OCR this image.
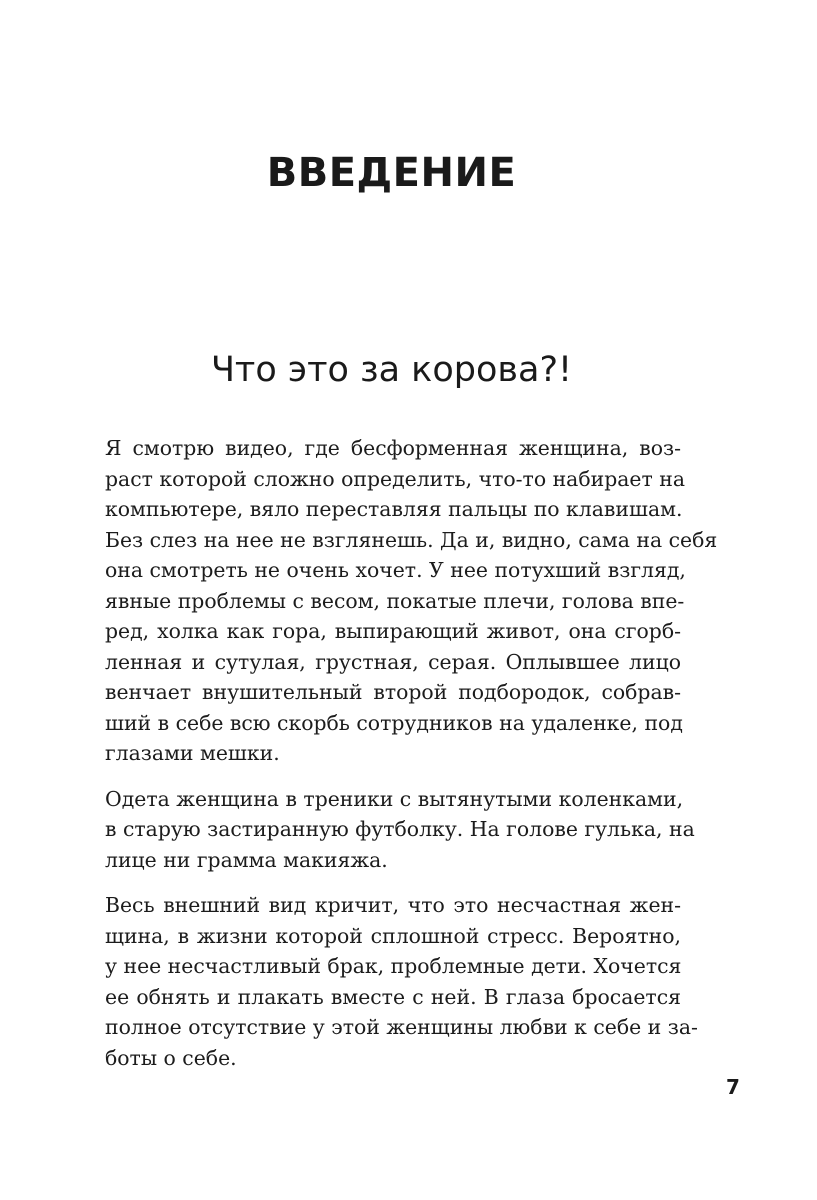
ВВЕДЕНИЕ
Что это за корова?!
Я смотрю видео, где бесформенная женщина, воз-
раст которой сложно определить, что-то набирает на
компьютере, вяло переставляя пальцы по клавишам.
Без слез на нее не взглянешь. Да и, видно, сама на себя
она смотреть не очень хочет. У нее потухший взгляд,
явные проблемы с весом, покатые плечи, голова впе-
ред, холка как гора, выпирающий живот, она сгорб-
ленная и сутулая, грустная, серая. Оплывшее лицо
венчает внушительный второй подбородок, собрав-
ший в себе всю скорбь сотрудников на удаленке, под
глазами мешки.
Одета женщина в треники с вытянутыми коленками,
в старую застиранную футболку. На голове гулька, на
лице ни грамма макияжа.
Весь внешний вид кричит, что это несчастная жен-
щина, в жизни которой сплошной стресс. Вероятно,
у нее несчастливый брак, проблемные дети. Хочется
ее обнять и плакать вместе с ней. В глаза бросается
полное отсутствие у этой женщины любви к себе и за-
боты о себе.
7
